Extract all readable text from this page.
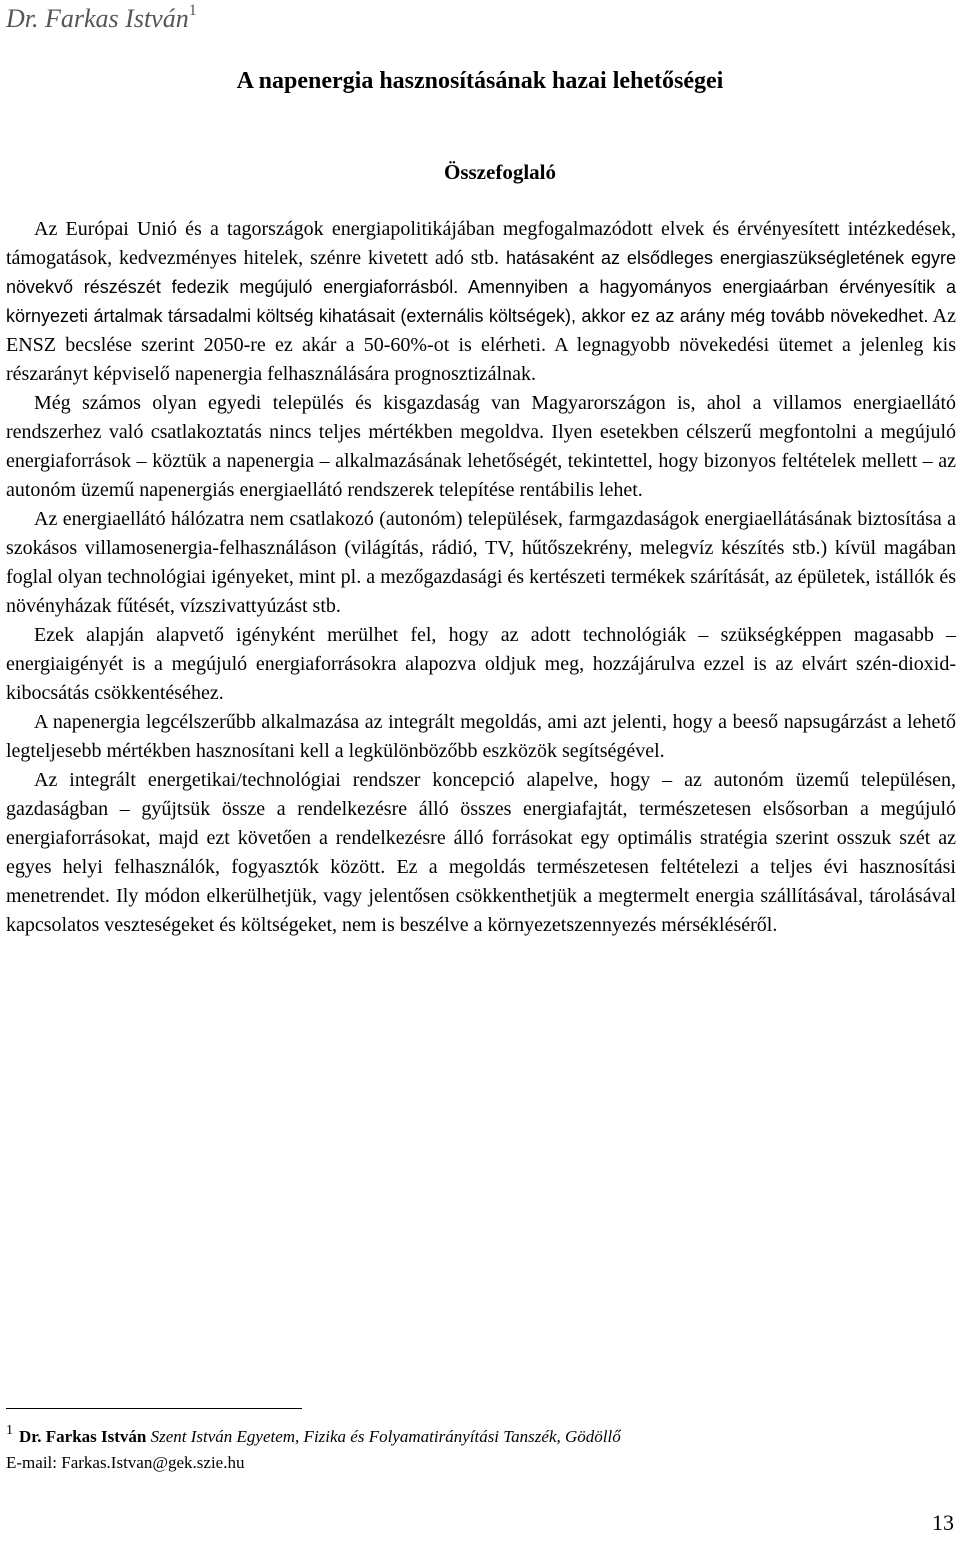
Dr. Farkas István$^1$
A napenergia hasznosításának hazai lehetőségei
Összefoglaló

Az Európai Unió és a tagországok energiapolitikájában megfogalmazódott elvek és érvényesített intézkedések, támogatások, kedvezményes hitelek, szénre kivetett adó stb. hatásaként az elsődleges energiaszükségletének egyre növekvő részészét fedezik megújuló energiaforrásból. Amennyiben a hagyományos energiaárban érvényesítik a környezeti ártalmak társadalmi költség kihatásait (externális költségek), akkor ez az arány még tovább növekedhet. Az ENSZ becslése szerint 2050-re ez akár a 50-60%-ot is elérheti. A legnagyobb növekedési ütemet a jelenleg kis részarányt képviselő napenergia felhasználására prognosztizálnak.

Még számos olyan egyedi település és kisgazdaság van Magyarországon is, ahol a villamos energiaellátó rendszerhez való csatlakoztatás nincs teljes mértékben megoldva. Ilyen esetekben célszerű megfontolni a megújuló energiaforrások – köztük a napenergia – alkalmazásának lehetőségét, tekintettel, hogy bizonyos feltételek mellett – az autonóm üzemű napenergiás energiaellátó rendszerek telepítése rentábilis lehet.

Az energiaellátó hálózatra nem csatlakozó (autonóm) települések, farmgazdaságok energiaellátásának biztosítása a szokásos villamosenergia-felhasználáson (világítás, rádió, TV, hűtőszekrény, melegvíz készítés stb.) kívül magában foglal olyan technológiai igényeket, mint pl. a mezőgazdasági és kertészeti termékek szárítását, az épületek, istállók és növényházak fűtését, vízszivattyúzást stb.

Ezek alapján alapvető igényként merülhet fel, hogy az adott technológiák – szükségképpen magasabb – energiaigényét is a megújuló energiaforrásokra alapozva oldjuk meg, hozzájárulva ezzel is az elvárt szén-dioxid-kibocsátás csökkentéséhez.

A napenergia legcélszerűbb alkalmazása az integrált megoldás, ami azt jelenti, hogy a beeső napsugárzást a lehető legteljesebb mértékben hasznosítani kell a legkülönbözőbb eszközök segítségével.

Az integrált energetikai/technológiai rendszer koncepció alapelve, hogy – az autonóm üzemű településen, gazdaságban – gyűjtsük össze a rendelkezésre álló összes energiafajtát, természetesen elsősorban a megújuló energiaforrásokat, majd ezt követően a rendelkezésre álló forrásokat egy optimális stratégia szerint osszuk szét az egyes helyi felhasználók, fogyasztók között. Ez a megoldás természetesen feltételezi a teljes évi hasznosítási menetrendet. Ily módon elkerülhetjük, vagy jelentősen csökkenthetjük a megtermelt energia szállításával, tárolásával kapcsolatos veszteségeket és költségeket, nem is beszélve a környezetszennyezés mérsékléséről.

$^1$ Dr. Farkas István Szent István Egyetem, Fizika és Folyamatirányítási Tanszék, Gödöllő
E-mail: Farkas.Istvan@gek.szie.hu
13
